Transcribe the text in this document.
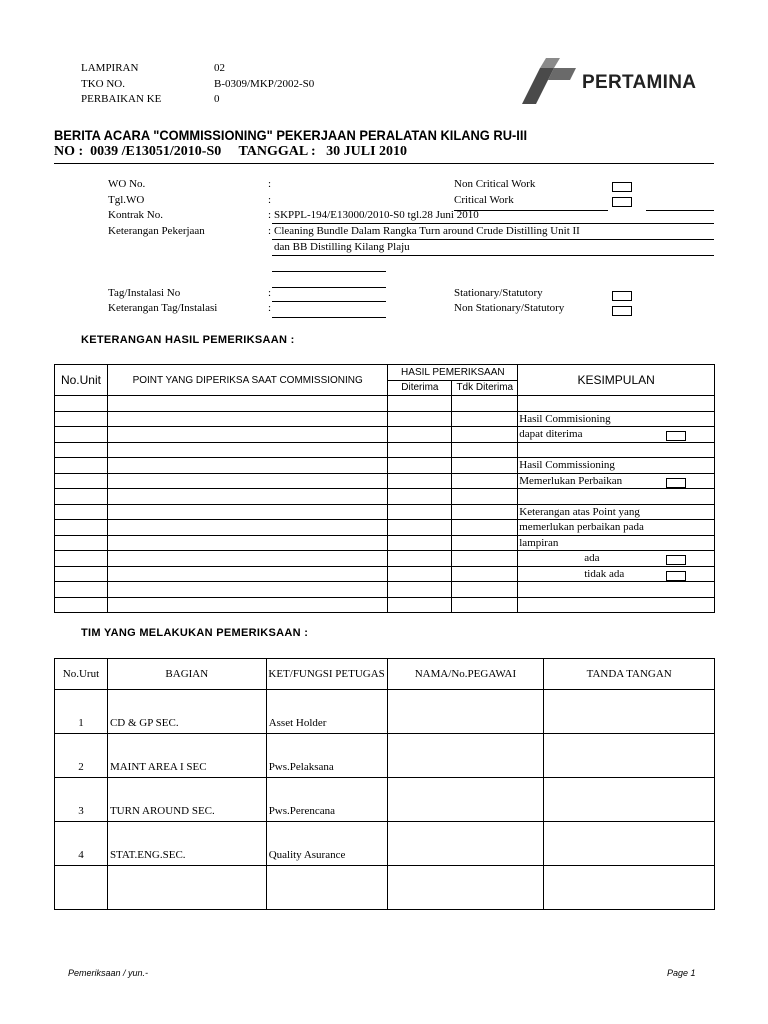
LAMPIRAN	02
TKO NO.	B-0309/MKP/2002-S0
PERBAIKAN KE	0
PERTAMINA
BERITA ACARA "COMMISSIONING" PEKERJAAN PERALATAN KILANG RU-III
NO : 0039 /E13051/2010-S0 TANGGAL : 30 JULI 2010
WO No.	:
Tgl.WO	:
Kontrak No.	: SKPPL-194/E13000/2010-S0 tgl.28 Juni 2010
Keterangan Pekerjaan	: Cleaning Bundle Dalam Rangka Turn around Crude Distilling Unit II
dan BB Distilling Kilang Plaju
Non Critical Work
Critical Work
Tag/Instalasi No	:
Keterangan Tag/Instalasi	:
Stationary/Statutory
Non Stationary/Statutory
KETERANGAN HASIL PEMERIKSAAN :
No.Unit	POINT YANG DIPERIKSA SAAT COMMISSIONING	HASIL PEMERIKSAAN		KESIMPULAN
		Diterima	Tdk Diterima	

				Hasil Commisioning
				dapat diterima

				Hasil Commissioning
				Memerlukan Perbaikan

				Keterangan atas Point yang
				memerlukan perbaikan pada
				lampiran
				ada

				tidak ada

TIM YANG MELAKUKAN PEMERIKSAAN :
No.Urut	BAGIAN	KET/FUNGSI PETUGAS	NAMA/No.PEGAWAI	TANDA TANGAN
1	CD & GP SEC.	Asset Holder		
2	MAINT AREA I SEC	Pws.Pelaksana		
3	TURN AROUND SEC.	Pws.Perencana		
4	STAT.ENG.SEC.	Quality Asurance		

Pemeriksaan / yun.-	Page 1
